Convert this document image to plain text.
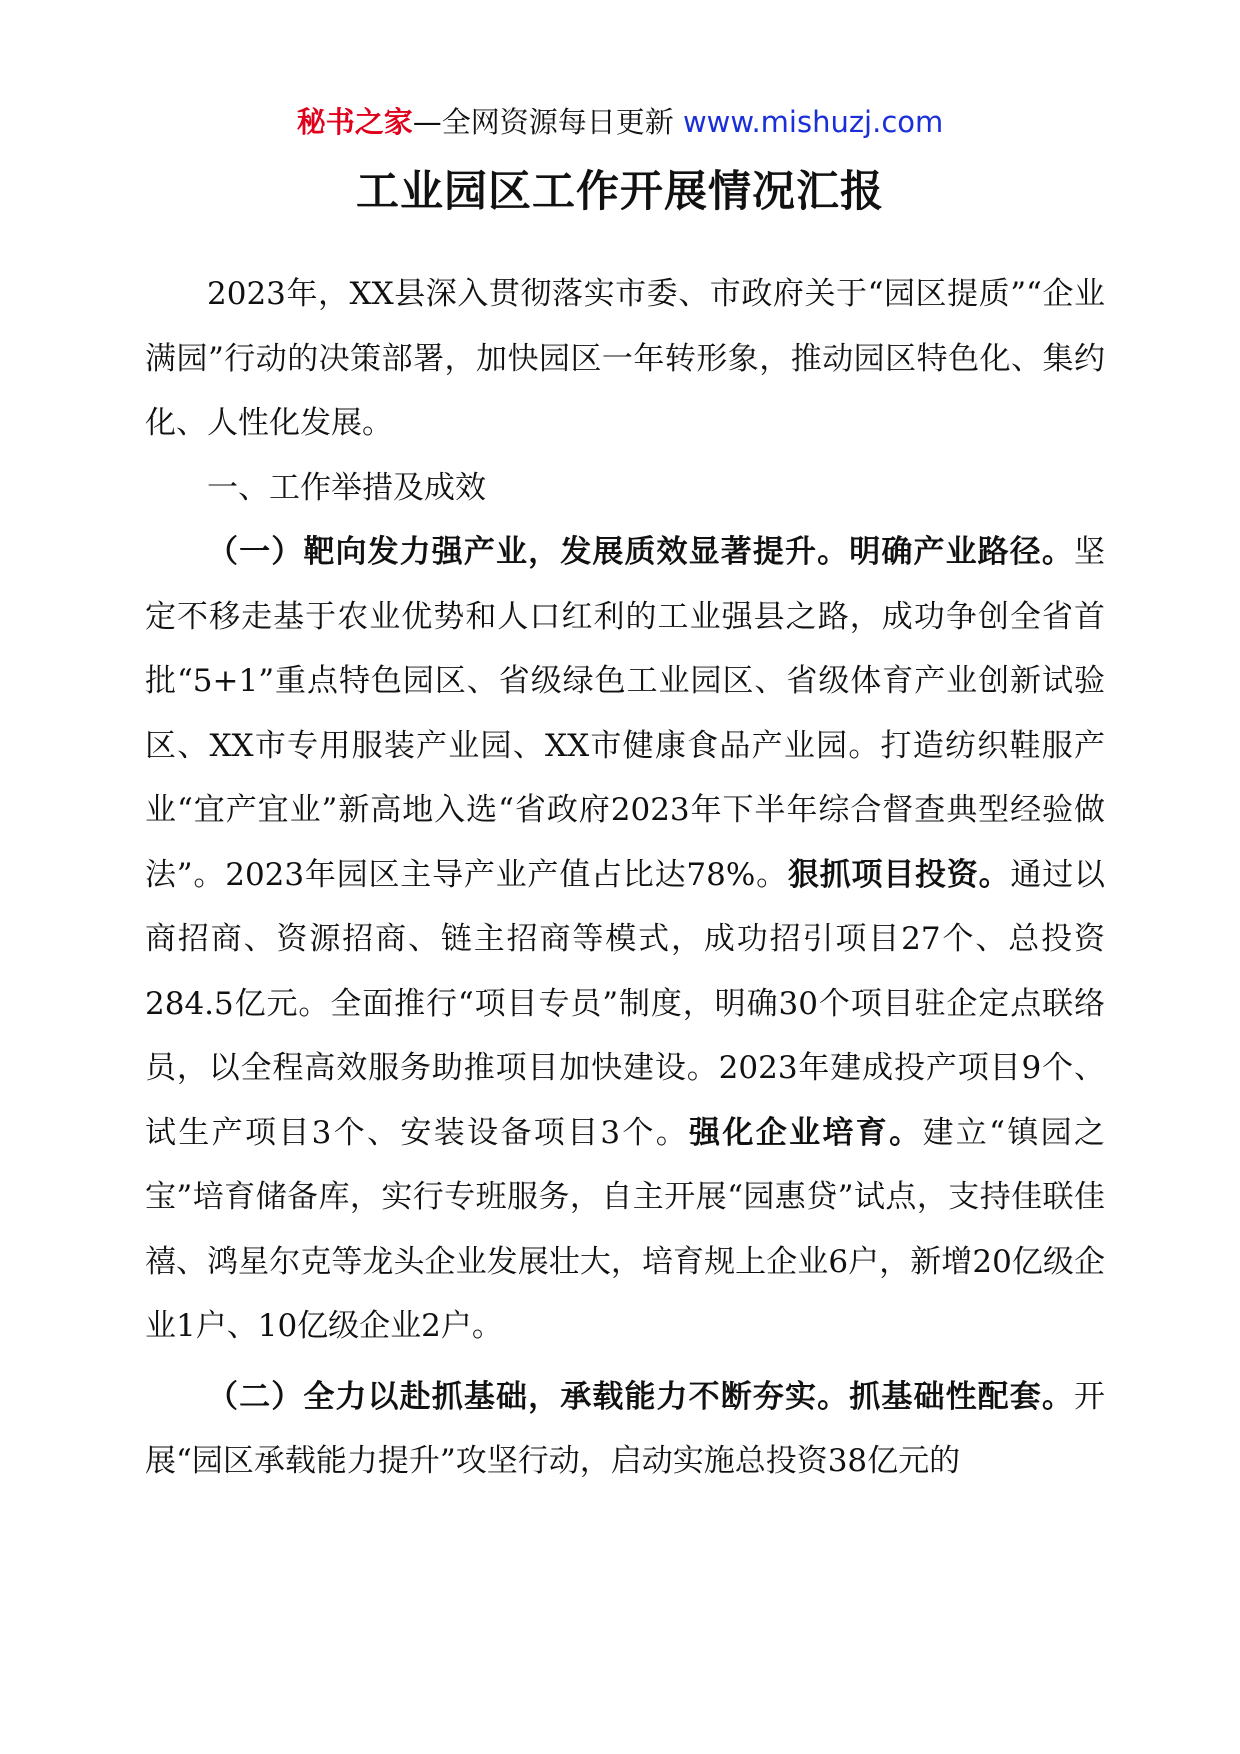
秘书之家—全网资源每日更新 www.mishuzj.com
工业园区工作开展情况汇报

2023年，XX县深入贯彻落实市委、市政府关于“园区提质”“企业满园”行动的决策部署，加快园区一年转形象，推动园区特色化、集约化、人性化发展。

一、工作举措及成效

（一）靶向发力强产业，发展质效显著提升。明确产业路径。坚定不移走基于农业优势和人口红利的工业强县之路，成功争创全省首批“5+1”重点特色园区、省级绿色工业园区、省级体育产业创新试验区、XX市专用服装产业园、XX市健康食品产业园。打造纺织鞋服产业“宜产宜业”新高地入选“省政府2023年下半年综合督查典型经验做法”。2023年园区主导产业产值占比达78%。狠抓项目投资。通过以商招商、资源招商、链主招商等模式，成功招引项目27个、总投资284.5亿元。全面推行“项目专员”制度，明确30个项目驻企定点联络员，以全程高效服务助推项目加快建设。2023年建成投产项目9个、试生产项目3个、安装设备项目3个。强化企业培育。建立“镇园之宝”培育储备库，实行专班服务，自主开展“园惠贷”试点，支持佳联佳禧、鸿星尔克等龙头企业发展壮大，培育规上企业6户，新增20亿级企业1户、10亿级企业2户。

（二）全力以赴抓基础，承载能力不断夯实。抓基础性配套。开展“园区承载能力提升”攻坚行动，启动实施总投资38亿元的
